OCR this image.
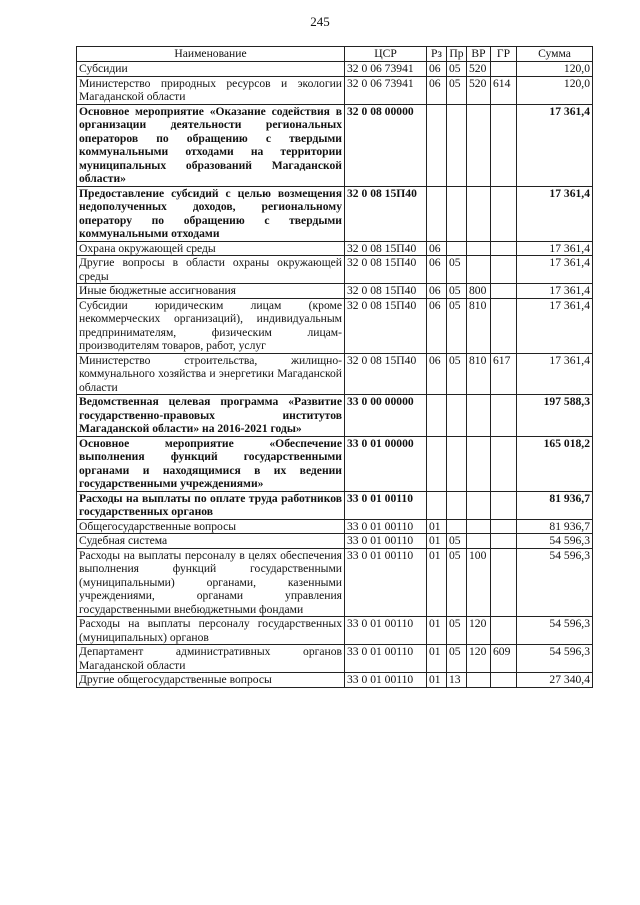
245
Наименование	ЦСР	Рз	Пр	ВР	ГР	Сумма
Субсидии	32 0 06 73941	06	05	520		120,0
Министерство природных ресурсов и экологии Магаданской области	32 0 06 73941	06	05	520	614	120,0
Основное мероприятие «Оказание содействия в организации деятельности региональных операторов по обращению с твердыми коммунальными отходами на территории муниципальных образований Магаданской области»	32 0 08 00000					17 361,4
Предоставление субсидий с целью возмещения недополученных доходов, региональному оператору по обращению с твердыми коммунальными отходами	32 0 08 15П40					17 361,4
Охрана окружающей среды	32 0 08 15П40	06				17 361,4
Другие вопросы в области охраны окружающей среды	32 0 08 15П40	06	05			17 361,4
Иные бюджетные ассигнования	32 0 08 15П40	06	05	800		17 361,4
Субсидии юридическим лицам (кроме некоммерческих организаций), индивидуальным предпринимателям, физическим лицам-производителям товаров, работ, услуг	32 0 08 15П40	06	05	810		17 361,4
Министерство строительства, жилищно-коммунального хозяйства и энергетики Магаданской области	32 0 08 15П40	06	05	810	617	17 361,4
Ведомственная целевая программа «Развитие государственно-правовых институтов Магаданской области» на 2016-2021 годы»	33 0 00 00000					197 588,3
Основное мероприятие «Обеспечение выполнения функций государственными органами и находящимися в их ведении государственными учреждениями»	33 0 01 00000					165 018,2
Расходы на выплаты по оплате труда работников государственных органов	33 0 01 00110					81 936,7
Общегосударственные вопросы	33 0 01 00110	01				81 936,7
Судебная система	33 0 01 00110	01	05			54 596,3
Расходы на выплаты персоналу в целях обеспечения выполнения функций государственными (муниципальными) органами, казенными учреждениями, органами управления государственными внебюджетными фондами	33 0 01 00110	01	05	100		54 596,3
Расходы на выплаты персоналу государственных (муниципальных) органов	33 0 01 00110	01	05	120		54 596,3
Департамент административных органов Магаданской области	33 0 01 00110	01	05	120	609	54 596,3
Другие общегосударственные вопросы	33 0 01 00110	01	13			27 340,4
